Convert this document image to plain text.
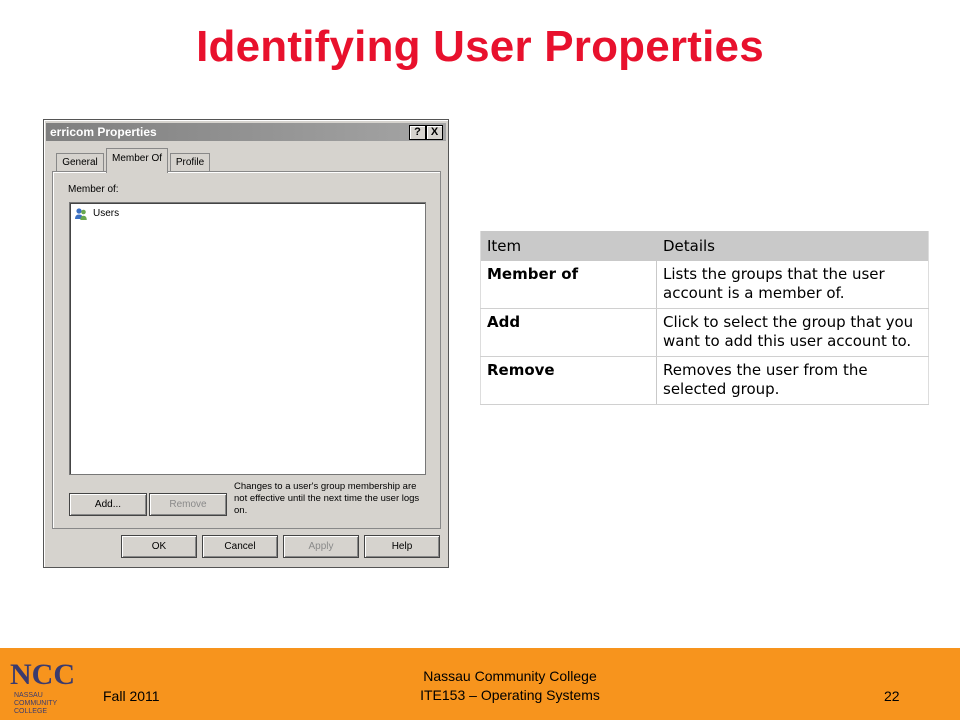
Identifying User Properties
erricom Properties	? X
General	Member Of	Profile
Member of:
Users
Add...	Remove
Changes to a user's group membership are not effective until the next time the user logs on.
OK	Cancel	Apply	Help
Item	Details
Member of	Lists the groups that the user account is a member of.
Add	Click to select the group that you want to add this user account to.
Remove	Removes the user from the selected group.
NCC
NASSAU
COMMUNITY
COLLEGE
Fall 2011
Nassau Community College
ITE153 – Operating Systems	22
